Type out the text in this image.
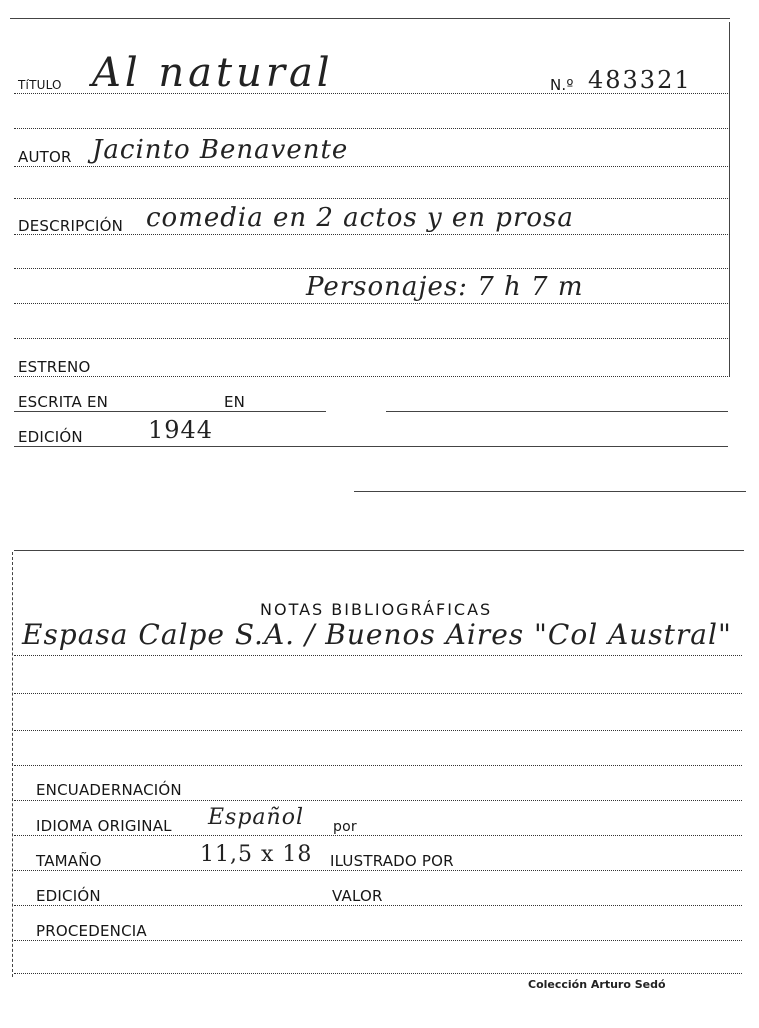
TíTULO Al natural	N.º 483321
AUTOR Jacinto Benavente
DESCRIPCIÓN comedia en 2 actos y en prosa
Personajes: 7 h 7 m
ESTRENO
ESCRITA EN	EN
EDICIÓN	1944
NOTAS BIBLIOGRÁFICAS
Espasa Calpe S.A. / Buenos Aires "Col Austral"
ENCUADERNACIÓN
IDIOMA ORIGINAL Español por
TAMAÑO	11,5 x 18 ILUSTRADO POR
EDICIÓN	VALOR
PROCEDENCIA
Colección Arturo Sedó
